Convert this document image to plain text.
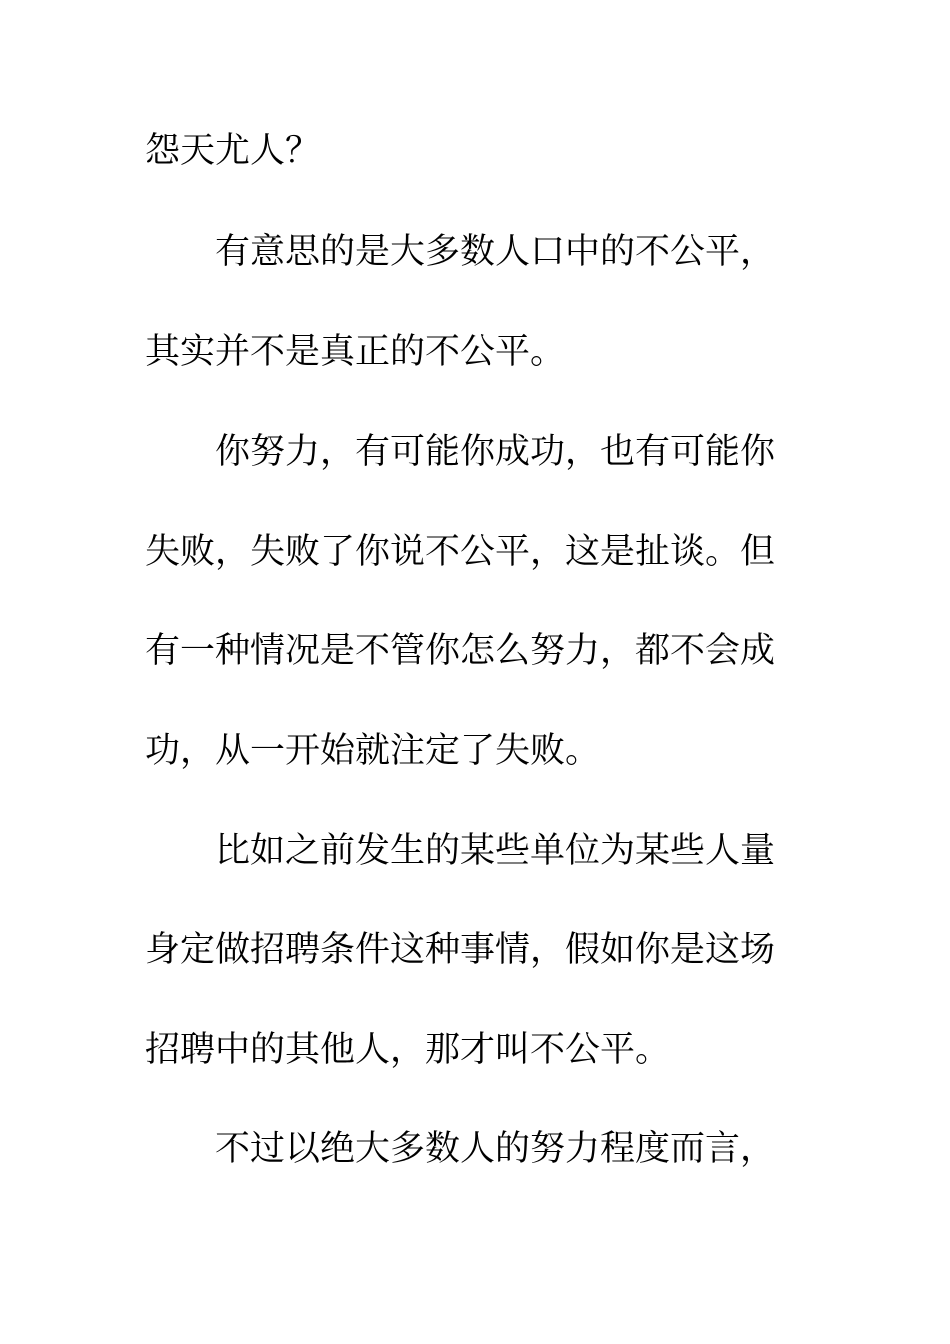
怨天尤人？
有意思的是大多数人口中的不公平，
其实并不是真正的不公平。
你努力，有可能你成功，也有可能你
失败，失败了你说不公平，这是扯谈。但
有一种情况是不管你怎么努力，都不会成
功，从一开始就注定了失败。
比如之前发生的某些单位为某些人量
身定做招聘条件这种事情，假如你是这场
招聘中的其他人，那才叫不公平。
不过以绝大多数人的努力程度而言，
